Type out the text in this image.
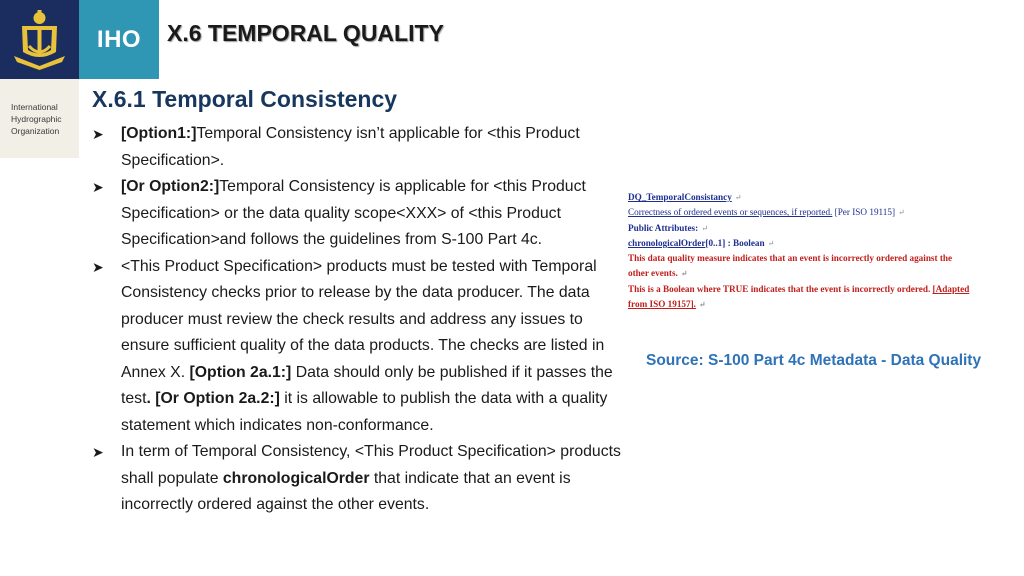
IHO	X.6 TEMPORAL QUALITY
International
Hydrographic
Organization
X.6.1 Temporal Consistency
➤ [Option1:]Temporal Consistency isn’t applicable for <this Product Specification>.
➤ [Or Option2:]Temporal Consistency is applicable for <this Product Specification> or the data quality scope<XXX> of <this Product Specification>and follows the guidelines from S-100 Part 4c.
➤ <This Product Specification> products must be tested with Temporal Consistency checks prior to release by the data producer. The data producer must review the check results and address any issues to ensure sufficient quality of the data products. The checks are listed in Annex X. [Option 2a.1:] Data should only be published if it passes the test. [Or Option 2a.2:] it is allowable to publish the data with a quality statement which indicates non-conformance.
➤ In term of Temporal Consistency, <This Product Specification> products shall populate chronologicalOrder that indicate that an event is incorrectly ordered against the other events.
DQ_TemporalConsistancy ↵
Correctness of ordered events or sequences, if reported. [Per ISO 19115] ↵
Public Attributes: ↵
chronologicalOrder[0..1] : Boolean ↵
This data quality measure indicates that an event is incorrectly ordered against the
other events. ↵
This is a Boolean where TRUE indicates that the event is incorrectly ordered. [Adapted
from ISO 19157]. ↵
Source: S-100 Part 4c Metadata - Data Quality
